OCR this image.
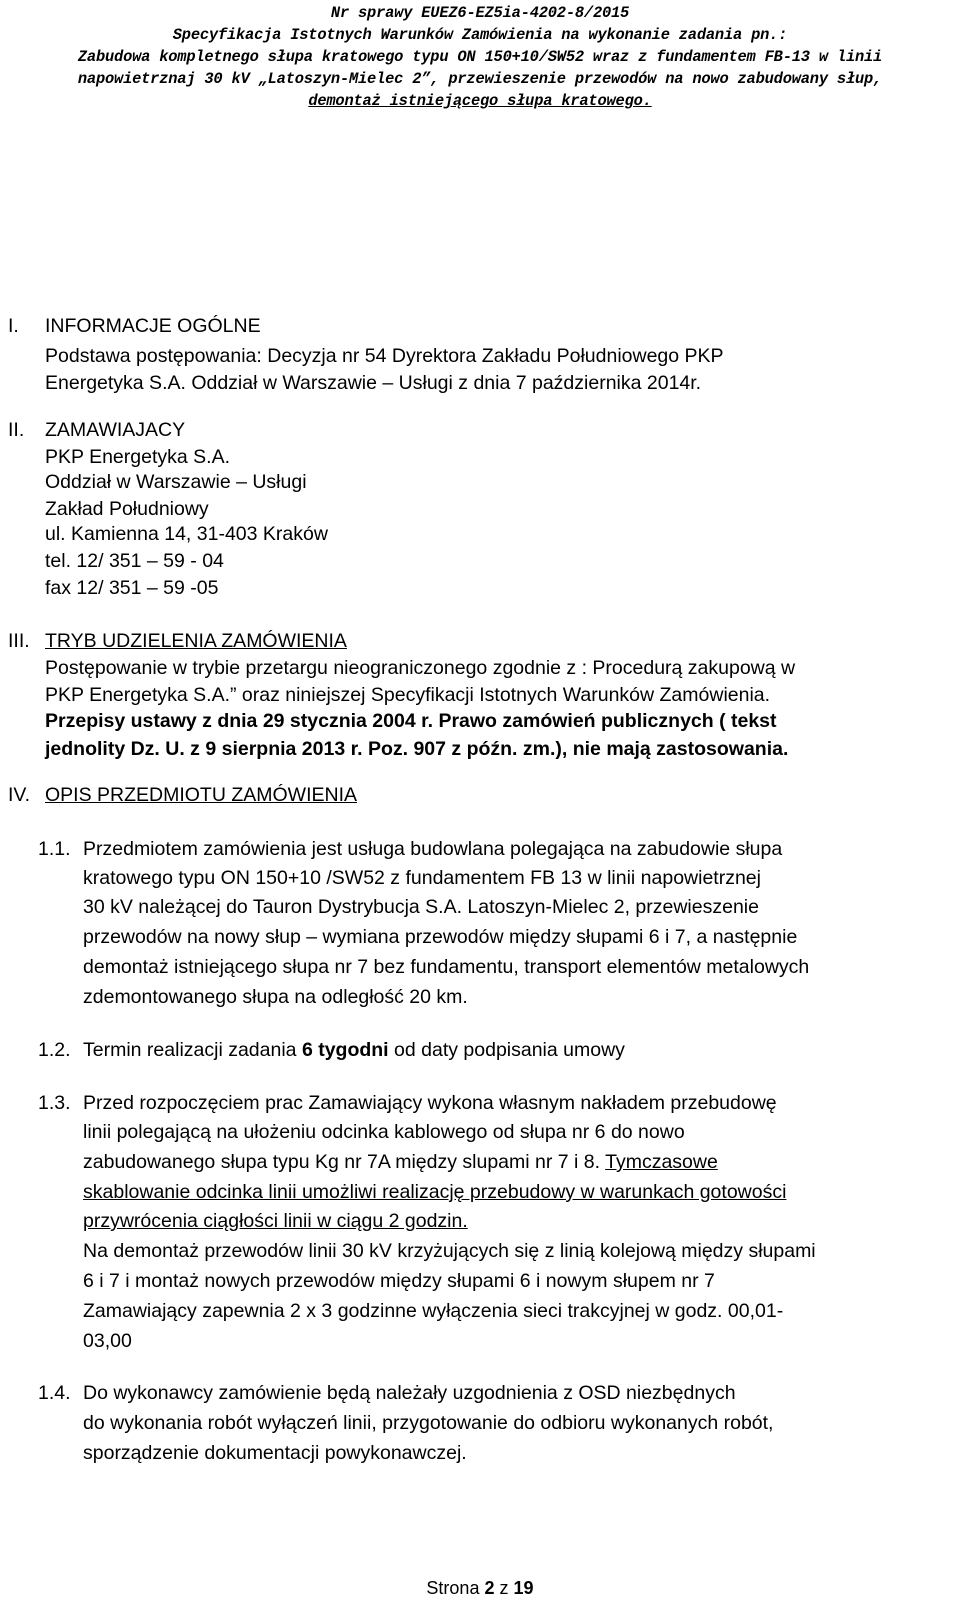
Nr sprawy EUEZ6-EZ5ia-4202-8/2015
Specyfikacja Istotnych Warunków Zamówienia na wykonanie zadania pn.:
Zabudowa kompletnego słupa kratowego typu ON 150+10/SW52 wraz z fundamentem FB-13 w linii
napowietrznaj 30 kV „Latoszyn-Mielec 2”, przewieszenie przewodów na nowo zabudowany słup,
demontaż istniejącego słupa kratowego.
I. INFORMACJE OGÓLNE
Podstawa postępowania: Decyzja nr 54 Dyrektora Zakładu Południowego PKP
Energetyka S.A. Oddział w Warszawie – Usługi z dnia 7 października 2014r.
II. ZAMAWIAJACY
PKP Energetyka S.A.
Oddział w Warszawie – Usługi
Zakład Południowy
ul. Kamienna 14, 31-403 Kraków
tel. 12/ 351 – 59 - 04
fax 12/ 351 – 59 -05
III. TRYB UDZIELENIA ZAMÓWIENIA
Postępowanie w trybie przetargu nieograniczonego zgodnie z : Procedurą zakupową w
PKP Energetyka S.A.” oraz niniejszej Specyfikacji Istotnych Warunków Zamówienia.
Przepisy ustawy z dnia 29 stycznia 2004 r. Prawo zamówień publicznych ( tekst
jednolity Dz. U. z 9 sierpnia 2013 r. Poz. 907 z późn. zm.), nie mają zastosowania.
IV. OPIS PRZEDMIOTU ZAMÓWIENIA
1.1. Przedmiotem zamówienia jest usługa budowlana polegająca na zabudowie słupa
kratowego typu ON 150+10 /SW52 z fundamentem FB 13 w linii napowietrznej
30 kV należącej do Tauron Dystrybucja S.A. Latoszyn-Mielec 2, przewieszenie
przewodów na nowy słup – wymiana przewodów między słupami 6 i 7, a następnie
demontaż istniejącego słupa nr 7 bez fundamentu, transport elementów metalowych
zdemontowanego słupa na odległość 20 km.
1.2. Termin realizacji zadania 6 tygodni od daty podpisania umowy
1.3. Przed rozpoczęciem prac Zamawiający wykona własnym nakładem przebudowę
linii polegającą na ułożeniu odcinka kablowego od słupa nr 6 do nowo
zabudowanego słupa typu Kg nr 7A między slupami nr 7 i 8. Tymczasowe
skablowanie odcinka linii umożliwi realizację przebudowy w warunkach gotowości
przywrócenia ciągłości linii w ciągu 2 godzin.
Na demontaż przewodów linii 30 kV krzyżujących się z linią kolejową między słupami
6 i 7 i montaż nowych przewodów między słupami 6 i nowym słupem nr 7
Zamawiający zapewnia 2 x 3 godzinne wyłączenia sieci trakcyjnej w godz. 00,01-
03,00
1.4. Do wykonawcy zamówienie będą należały uzgodnienia z OSD niezbędnych
do wykonania robót wyłączeń linii, przygotowanie do odbioru wykonanych robót,
sporządzenie dokumentacji powykonawczej.
Strona 2 z 19
